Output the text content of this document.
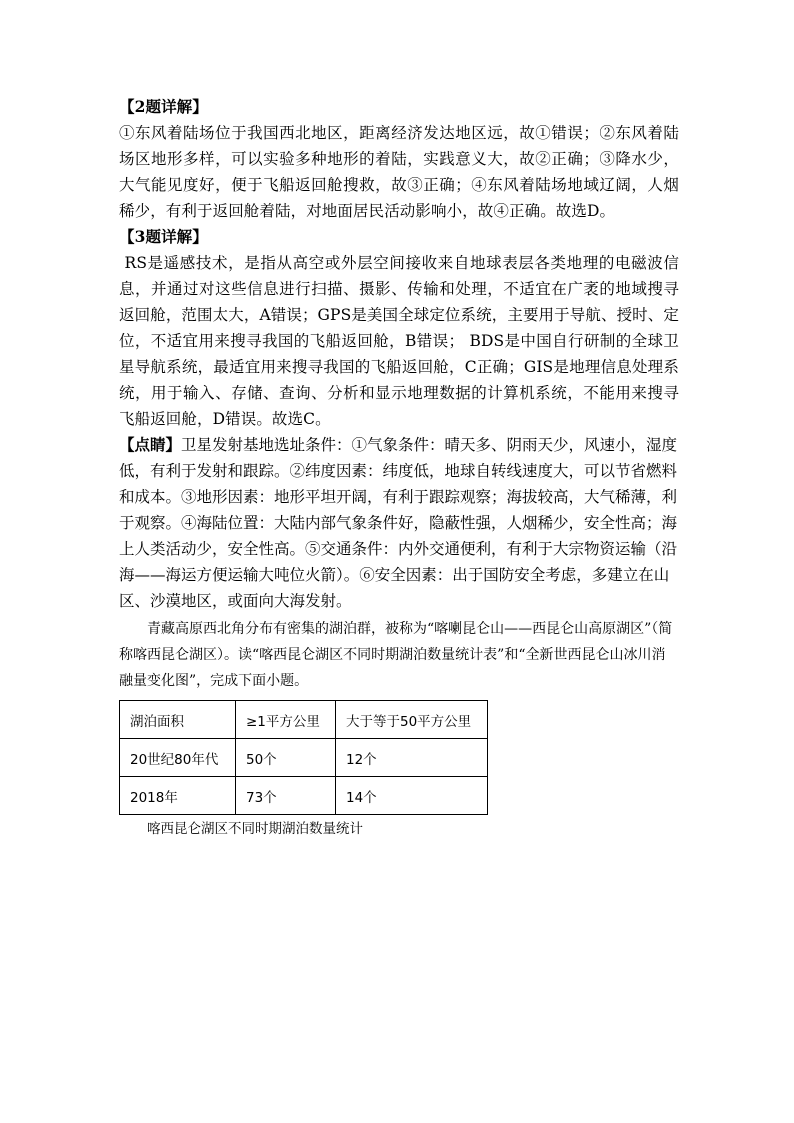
【2题详解】

①东风着陆场位于我国西北地区，距离经济发达地区远，故①错误；②东风着陆场区地形多样，可以实验多种地形的着陆，实践意义大，故②正确；③降水少，大气能见度好，便于飞船返回舱搜救，故③正确；④东风着陆场地域辽阔，人烟稀少，有利于返回舱着陆，对地面居民活动影响小，故④正确。故选D。

【3题详解】

RS是遥感技术，是指从高空或外层空间接收来自地球表层各类地理的电磁波信息，并通过对这些信息进行扫描、摄影、传输和处理，不适宜在广袤的地域搜寻返回舱，范围太大，A错误；GPS是美国全球定位系统，主要用于导航、授时、定位，不适宜用来搜寻我国的飞船返回舱，B错误； BDS是中国自行研制的全球卫星导航系统，最适宜用来搜寻我国的飞船返回舱，C正确；GIS是地理信息处理系统，用于输入、存储、查询、分析和显示地理数据的计算机系统，不能用来搜寻飞船返回舱，D错误。故选C。

【点睛】卫星发射基地选址条件：①气象条件：晴天多、阴雨天少，风速小，湿度低，有利于发射和跟踪。②纬度因素：纬度低，地球自转线速度大，可以节省燃料和成本。③地形因素：地形平坦开阔，有利于跟踪观察；海拔较高，大气稀薄，利于观察。④海陆位置：大陆内部气象条件好，隐蔽性强，人烟稀少，安全性高；海上人类活动少，安全性高。⑤交通条件：内外交通便利，有利于大宗物资运输（沿海——海运方便运输大吨位火箭）。⑥安全因素：出于国防安全考虑，多建立在山区、沙漠地区，或面向大海发射。

青藏高原西北角分布有密集的湖泊群，被称为“喀喇昆仑山——西昆仑山高原湖区”（简称喀西昆仑湖区）。读“喀西昆仑湖区不同时期湖泊数量统计表”和“全新世西昆仑山冰川消融量变化图”，完成下面小题。

湖泊面积	≥1平方公里	大于等于50平方公里
20世纪80年代	50个	12个
2018年	73个	14个

喀西昆仑湖区不同时期湖泊数量统计
